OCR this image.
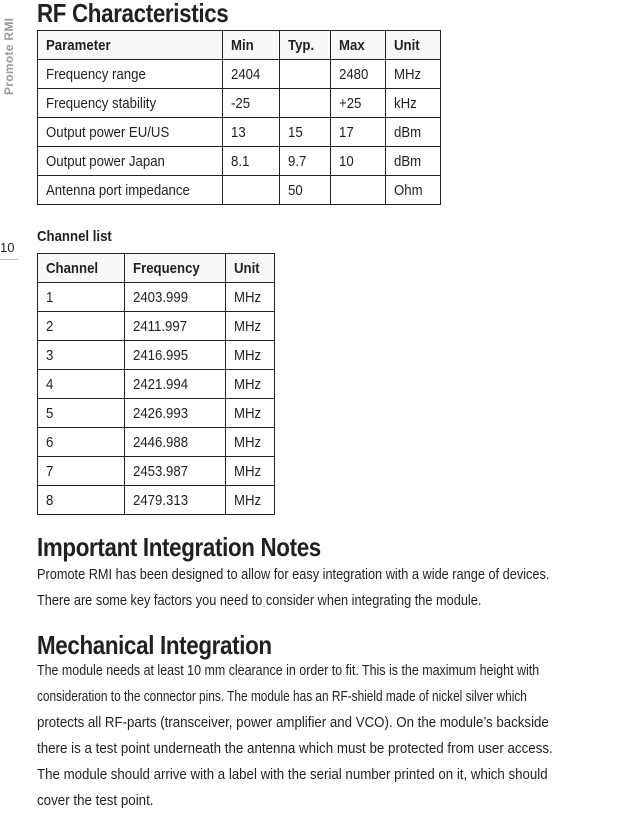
Promote RMI
10
RF Characteristics
Parameter	Min	Typ.	Max	Unit
Frequency range	2404		2480	MHz
Frequency stability	-25		+25	kHz
Output power EU/US	13	15	17	dBm
Output power Japan	8.1	9.7	10	dBm
Antenna port impedance		50		Ohm
Channel list
Channel	Frequency	Unit
1	2403.999	MHz
2	2411.997	MHz
3	2416.995	MHz
4	2421.994	MHz
5	2426.993	MHz
6	2446.988	MHz
7	2453.987	MHz
8	2479.313	MHz
Important Integration Notes

Promote RMI has been designed to allow for easy integration with a wide range of devices.

There are some key factors you need to consider when integrating the module.

Mechanical Integration

The module needs at least 10 mm clearance in order to fit. This is the maximum height with

consideration to the connector pins. The module has an RF-shield made of nickel silver which

protects all RF-parts (transceiver, power amplifier and VCO). On the module’s backside

there is a test point underneath the antenna which must be protected from user access.

The module should arrive with a label with the serial number printed on it, which should

cover the test point.
